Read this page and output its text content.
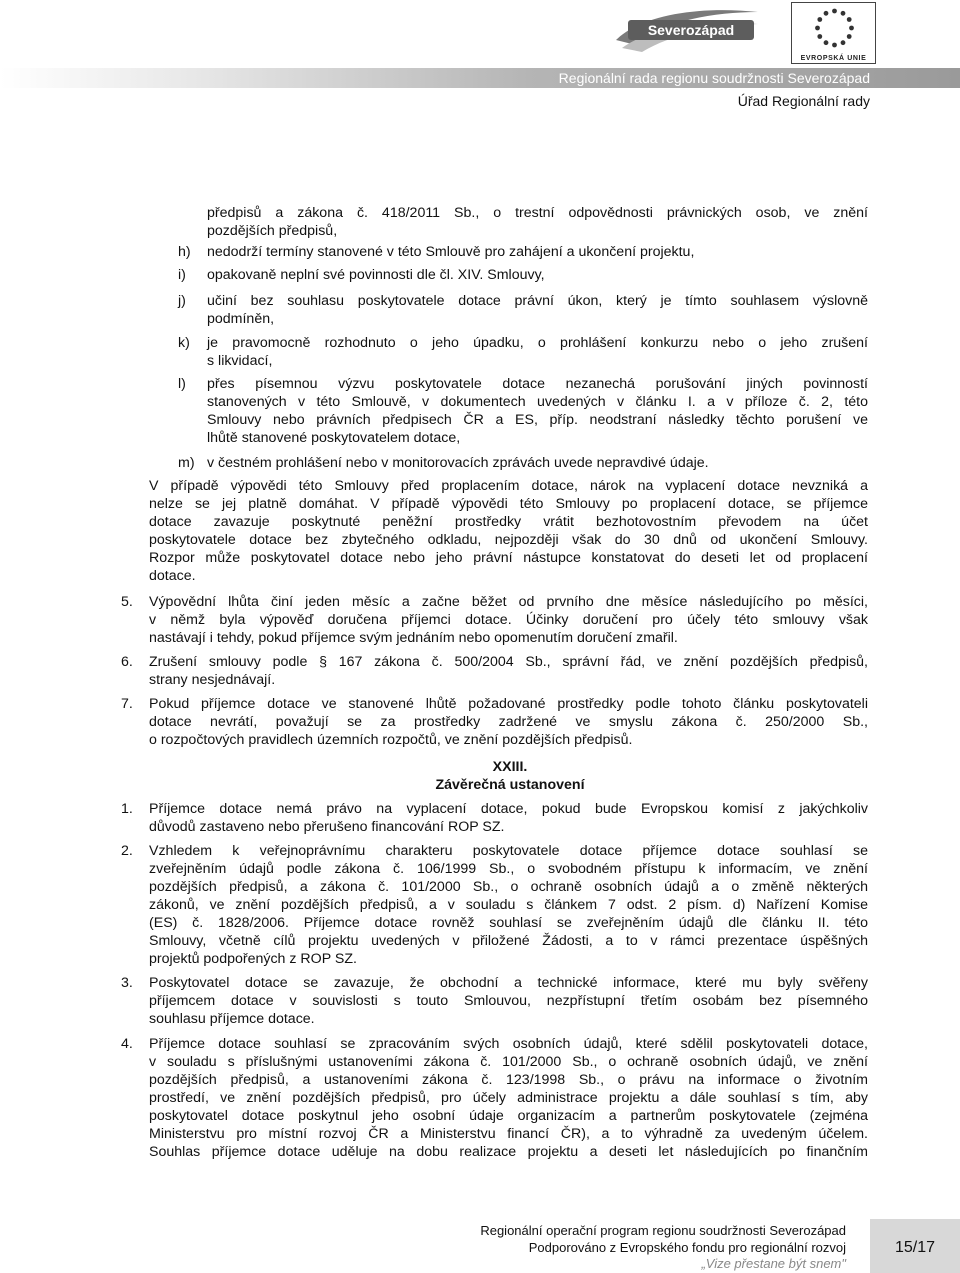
Severozápad
EVROPSKÁ UNIE
Regionální rada regionu soudržnosti Severozápad
Úřad Regionální rady
předpisů a zákona č. 418/2011 Sb., o trestní odpovědnosti právnických osob, ve znění
pozdějších předpisů,
h) nedodrží termíny stanovené v této Smlouvě pro zahájení a ukončení projektu,
i) opakovaně neplní své povinnosti dle čl. XIV. Smlouvy,
j) učiní bez souhlasu poskytovatele dotace právní úkon, který je tímto souhlasem výslovně
podmíněn,
k) je pravomocně rozhodnuto o jeho úpadku, o prohlášení konkurzu nebo o jeho zrušení
s likvidací,
l) přes písemnou výzvu poskytovatele dotace nezanechá porušování jiných povinností
stanovených v této Smlouvě, v dokumentech uvedených v článku I. a v příloze č. 2, této
Smlouvy nebo právních předpisech ČR a ES, příp. neodstraní následky těchto porušení ve
lhůtě stanovené poskytovatelem dotace,
m) v čestném prohlášení nebo v monitorovacích zprávách uvede nepravdivé údaje.
V případě výpovědi této Smlouvy před proplacením dotace, nárok na vyplacení dotace nevzniká a
nelze se jej platně domáhat. V případě výpovědi této Smlouvy po proplacení dotace, se příjemce
dotace zavazuje poskytnuté peněžní prostředky vrátit bezhotovostním převodem na účet
poskytovatele dotace bez zbytečného odkladu, nejpozději však do 30 dnů od ukončení Smlouvy.
Rozpor může poskytovatel dotace nebo jeho právní nástupce konstatovat do deseti let od proplacení
dotace.
5. Výpovědní lhůta činí jeden měsíc a začne běžet od prvního dne měsíce následujícího po měsíci,
v němž byla výpověď doručena příjemci dotace. Účinky doručení pro účely této smlouvy však
nastávají i tehdy, pokud příjemce svým jednáním nebo opomenutím doručení zmařil.
6. Zrušení smlouvy podle § 167 zákona č. 500/2004 Sb., správní řád, ve znění pozdějších předpisů,
strany nesjednávají.
7. Pokud příjemce dotace ve stanovené lhůtě požadované prostředky podle tohoto článku poskytovateli
dotace nevrátí, považují se za prostředky zadržené ve smyslu zákona č. 250/2000 Sb.,
o rozpočtových pravidlech územních rozpočtů, ve znění pozdějších předpisů.
XXIII.
Závěrečná ustanovení
1. Příjemce dotace nemá právo na vyplacení dotace, pokud bude Evropskou komisí z jakýchkoliv
důvodů zastaveno nebo přerušeno financování ROP SZ.
2. Vzhledem k veřejnoprávnímu charakteru poskytovatele dotace příjemce dotace souhlasí se
zveřejněním údajů podle zákona č. 106/1999 Sb., o svobodném přístupu k informacím, ve znění
pozdějších předpisů, a zákona č. 101/2000 Sb., o ochraně osobních údajů a o změně některých
zákonů, ve znění pozdějších předpisů, a v souladu s článkem 7 odst. 2 písm. d) Nařízení Komise
(ES) č. 1828/2006. Příjemce dotace rovněž souhlasí se zveřejněním údajů dle článku II. této
Smlouvy, včetně cílů projektu uvedených v přiložené Žádosti, a to v rámci prezentace úspěšných
projektů podpořených z ROP SZ.
3. Poskytovatel dotace se zavazuje, že obchodní a technické informace, které mu byly svěřeny
příjemcem dotace v souvislosti s touto Smlouvou, nezpřístupní třetím osobám bez písemného
souhlasu příjemce dotace.
4. Příjemce dotace souhlasí se zpracováním svých osobních údajů, které sdělil poskytovateli dotace,
v souladu s příslušnými ustanoveními zákona č. 101/2000 Sb., o ochraně osobních údajů, ve znění
pozdějších předpisů, a ustanoveními zákona č. 123/1998 Sb., o právu na informace o životním
prostředí, ve znění pozdějších předpisů, pro účely administrace projektu a dále souhlasí s tím, aby
poskytovatel dotace poskytnul jeho osobní údaje organizacím a partnerům poskytovatele (zejména
Ministerstvu pro místní rozvoj ČR a Ministerstvu financí ČR), a to výhradně za uvedeným účelem.
Souhlas příjemce dotace uděluje na dobu realizace projektu a deseti let následujících po finančním
Regionální operační program regionu soudržnosti Severozápad
Podporováno z Evropského fondu pro regionální rozvoj
„Vize přestane být snem"
15/17
